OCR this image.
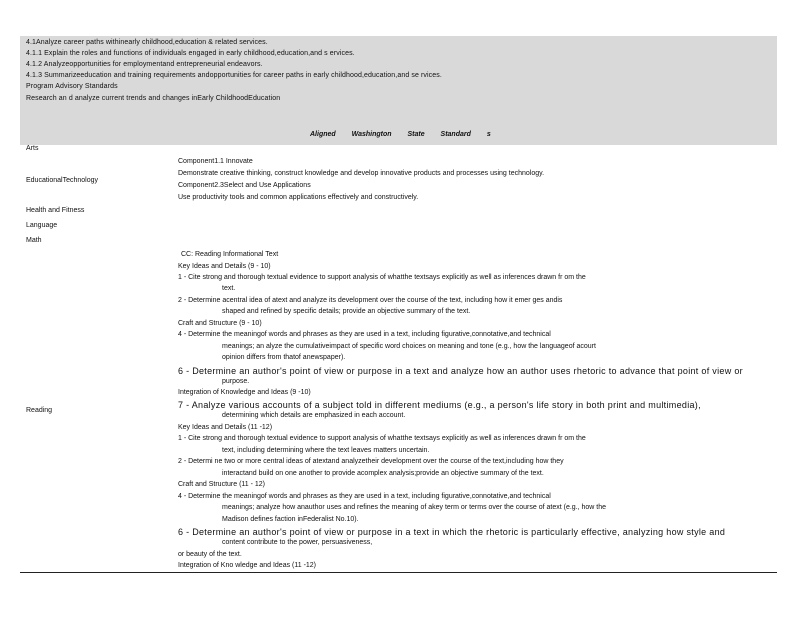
4.1Analyze career paths withinearly childhood,education & related services.
4.1.1 Explain the roles and functions of individuals engaged in early childhood,education,and s ervices.
4.1.2 Analyzeopportunities for employmentand entrepreneurial endeavors.
4.1.3 Summarizeeducation and training requirements andopportunities for career paths in early childhood,education,and se rvices.
Program Advisory Standards
Research an d analyze current trends and changes inEarly ChildhoodEducation
Aligned Washington State Standard s
Arts
EducationalTechnology
Health and Fitness
Language
Math
Reading
Component1.1 Innovate
Demonstrate creative thinking, construct knowledge and develop innovative products and processes using technology.
Component2.3Select and Use Applications
Use productivity tools and common applications effectively and constructively.
CC: Reading Informational Text
Key Ideas and Details (9 - 10)
1 - Cite strong and thorough textual evidence to support analysis of whatthe textsays explicitly as well as inferences drawn fr om the
text.
2 - Determine acentral idea of atext and analyze its development over the course of the text, including how it emer ges andis
shaped and refined by specific details; provide an objective summary of the text.
Craft and Structure (9 - 10)
4 - Determine the meaningof words and phrases as they are used in a text, including figurative,connotative,and technical
meanings; an alyze the cumulativeimpact of specific word choices on meaning and tone (e.g., how the languageof acourt
opinion differs from thatof anewspaper).
6 - Determine an author's point of view or purpose in a text and analyze how an author uses rhetoric to advance that point of view or
purpose.
Integration of Knowledge and Ideas (9 -10)
7 - Analyze various accounts of a subject told in different mediums (e.g., a person's life story in both print and multimedia),
determining which details are emphasized in each account.
Key Ideas and Details (11 -12)
1 - Cite strong and thorough textual evidence to support analysis of whatthe textsays explicitly as well as inferences drawn fr om the
text, including determining where the text leaves matters uncertain.
2 - Determi ne two or more central ideas of atextand analyzetheir development over the course of the text,including how they
interactand build on one another to provide acomplex analysis;provide an objective summary of the text.
Craft and Structure (11 - 12)
4 - Determine the meaningof words and phrases as they are used in a text, including figurative,connotative,and technical
meanings; analyze how anauthor uses and refines the meaning of akey term or terms over the course of atext (e.g., how the
Madison defines faction inFederalist No.10).
6 - Determine an author's point of view or purpose in a text in which the rhetoric is particularly effective, analyzing how style and
content contribute to the power, persuasiveness,
or beauty of the text.
Integration of Kno wledge and Ideas (11 -12)
